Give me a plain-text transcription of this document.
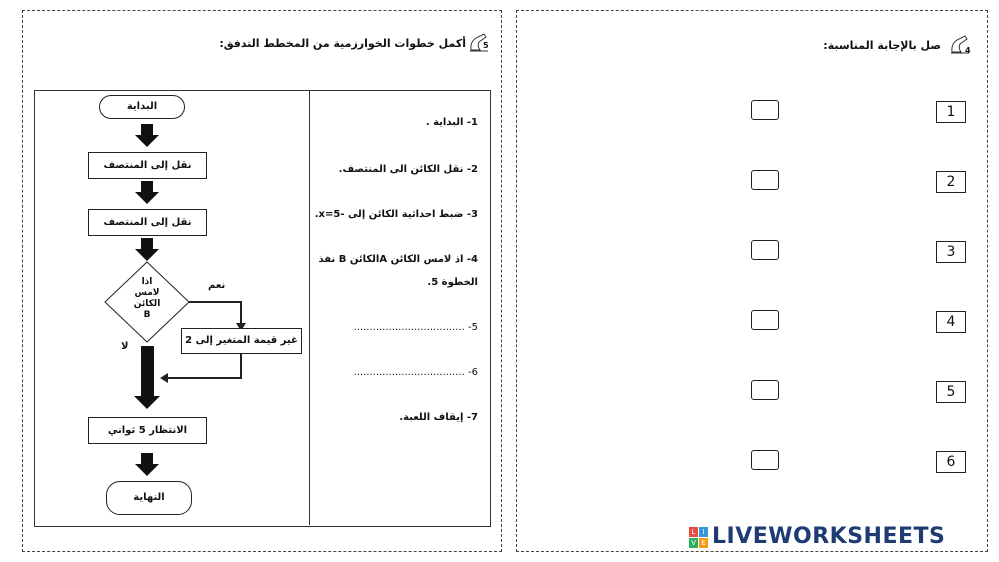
أكمل خطوات الخوارزمية من المخطط التدفق: 5
البداية
نقل إلى المنتصف
نقل إلى المنتصف
اذا
لامس
الكائن
B
نعم
لا
غير قيمة المتغير إلى 2
الانتظار 5 ثواني
النهاية
1- البداية .
2- نقل الكائن الى المنتصف.
3- ضبط احداثية الكائن إلى -5=x.
4- اذ لامس الكائن Aالكائن B نفذ
الخطوة 5.
5- ...................................
6- ...................................
7- إيقاف اللعبة.
صل بالإجابة المناسبة:	4
1
2
3
4
5
6
L	I
V E LIVEWORKSHEETS
